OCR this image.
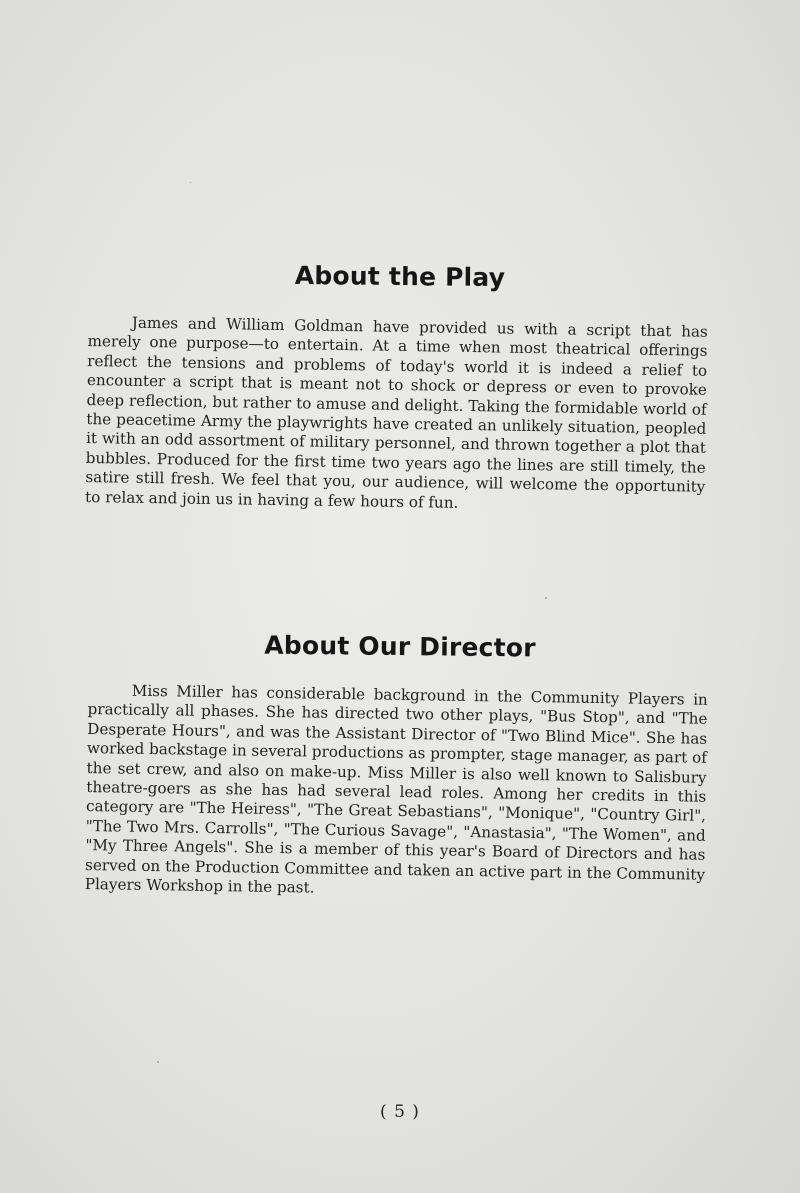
About the Play

James and William Goldman have provided us with a script that has merely one purpose—to entertain. At a time when most theatrical offerings reflect the tensions and problems of today's world it is indeed a relief to encounter a script that is meant not to shock or depress or even to provoke deep reflection, but rather to amuse and delight. Taking the formidable world of the peacetime Army the playwrights have created an unlikely situation, peopled it with an odd assortment of military personnel, and thrown together a plot that bubbles. Produced for the first time two years ago the lines are still timely, the satire still fresh. We feel that you, our audience, will welcome the opportunity to relax and join us in having a few hours of fun.

About Our Director

Miss Miller has considerable background in the Community Players in practically all phases. She has directed two other plays, "Bus Stop", and "The Desperate Hours", and was the Assistant Director of "Two Blind Mice". She has worked backstage in several productions as prompter, stage manager, as part of the set crew, and also on make-up. Miss Miller is also well known to Salisbury theatre-goers as she has had several lead roles. Among her credits in this category are "The Heiress", "The Great Sebastians", "Monique", "Country Girl", "The Two Mrs. Carrolls", "The Curious Savage", "Anastasia", "The Women", and "My Three Angels". She is a member of this year's Board of Directors and has served on the Production Committee and taken an active part in the Community Players Workshop in the past.

( 5 )
